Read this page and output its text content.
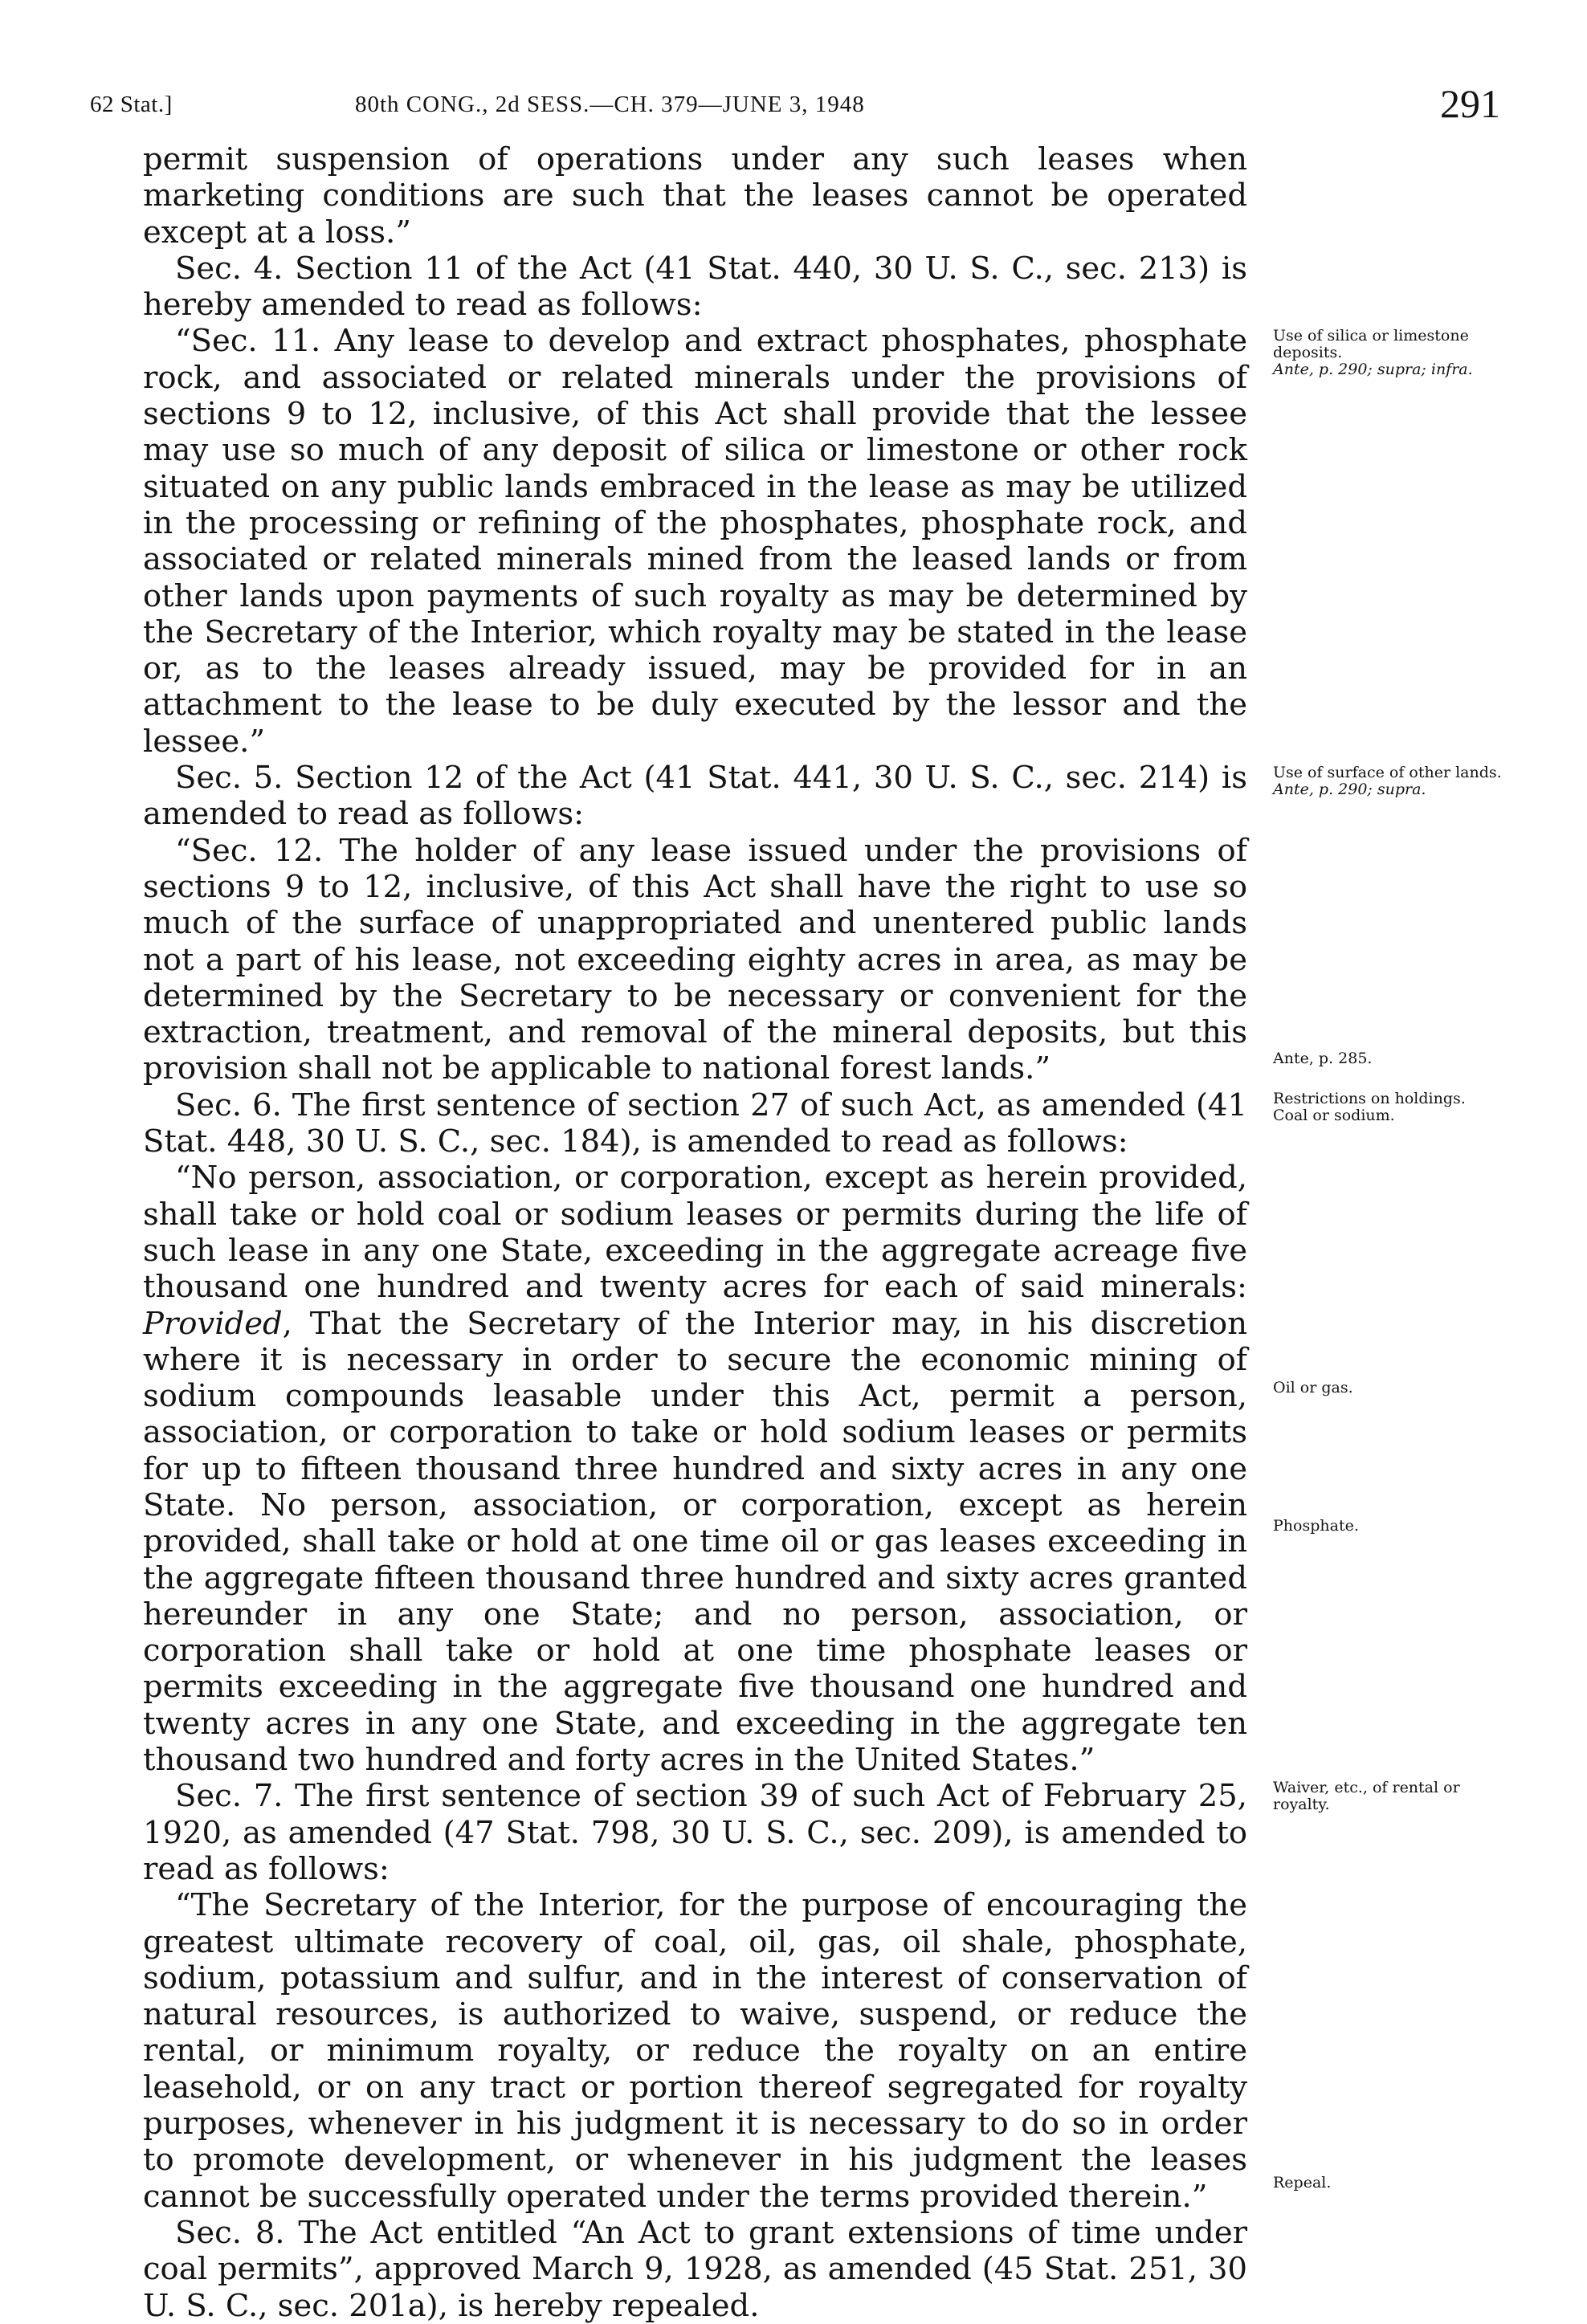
62 Stat.]	80th CONG., 2d SESS.—CH. 379—JUNE 3, 1948	291

permit suspension of operations under any such leases when marketing conditions are such that the leases cannot be operated except at a loss.”

Sec. 4. Section 11 of the Act (41 Stat. 440, 30 U. S. C., sec. 213) is hereby amended to read as follows:

“Sec. 11. Any lease to develop and extract phosphates, phosphate rock, and associated or related minerals under the provisions of sections 9 to 12, inclusive, of this Act shall provide that the lessee may use so much of any deposit of silica or limestone or other rock situated on any public lands embraced in the lease as may be utilized in the processing or refining of the phosphates, phosphate rock, and associated or related minerals mined from the leased lands or from other lands upon payments of such royalty as may be determined by the Secretary of the Interior, which royalty may be stated in the lease or, as to the leases already issued, may be provided for in an attachment to the lease to be duly executed by the lessor and the lessee.”

Sec. 5. Section 12 of the Act (41 Stat. 441, 30 U. S. C., sec. 214) is amended to read as follows:

“Sec. 12. The holder of any lease issued under the provisions of sections 9 to 12, inclusive, of this Act shall have the right to use so much of the surface of unappropriated and unentered public lands not a part of his lease, not exceeding eighty acres in area, as may be determined by the Secretary to be necessary or convenient for the extraction, treatment, and removal of the mineral deposits, but this provision shall not be applicable to national forest lands.”

Sec. 6. The first sentence of section 27 of such Act, as amended (41 Stat. 448, 30 U. S. C., sec. 184), is amended to read as follows:

“No person, association, or corporation, except as herein provided, shall take or hold coal or sodium leases or permits during the life of such lease in any one State, exceeding in the aggregate acreage five thousand one hundred and twenty acres for each of said minerals: Provided, That the Secretary of the Interior may, in his discretion where it is necessary in order to secure the economic mining of sodium compounds leasable under this Act, permit a person, association, or corporation to take or hold sodium leases or permits for up to fifteen thousand three hundred and sixty acres in any one State. No person, association, or corporation, except as herein provided, shall take or hold at one time oil or gas leases exceeding in the aggregate fifteen thousand three hundred and sixty acres granted hereunder in any one State; and no person, association, or corporation shall take or hold at one time phosphate leases or permits exceeding in the aggregate five thousand one hundred and twenty acres in any one State, and exceeding in the aggregate ten thousand two hundred and forty acres in the United States.”

Sec. 7. The first sentence of section 39 of such Act of February 25, 1920, as amended (47 Stat. 798, 30 U. S. C., sec. 209), is amended to read as follows:

“The Secretary of the Interior, for the purpose of encouraging the greatest ultimate recovery of coal, oil, gas, oil shale, phosphate, sodium, potassium and sulfur, and in the interest of conservation of natural resources, is authorized to waive, suspend, or reduce the rental, or minimum royalty, or reduce the royalty on an entire leasehold, or on any tract or portion thereof segregated for royalty purposes, whenever in his judgment it is necessary to do so in order to promote development, or whenever in his judgment the leases cannot be successfully operated under the terms provided therein.”

Sec. 8. The Act entitled “An Act to grant extensions of time under coal permits”, approved March 9, 1928, as amended (45 Stat. 251, 30 U. S. C., sec. 201a), is hereby repealed.

Use of silica or limestone deposits.
Ante, p. 290; supra; infra.
Use of surface of other lands.
Ante, p. 290; supra.
Ante, p. 285.
Restrictions on holdings.
Coal or sodium.
Oil or gas.
Phosphate.
Waiver, etc., of rental or royalty.
Repeal.
